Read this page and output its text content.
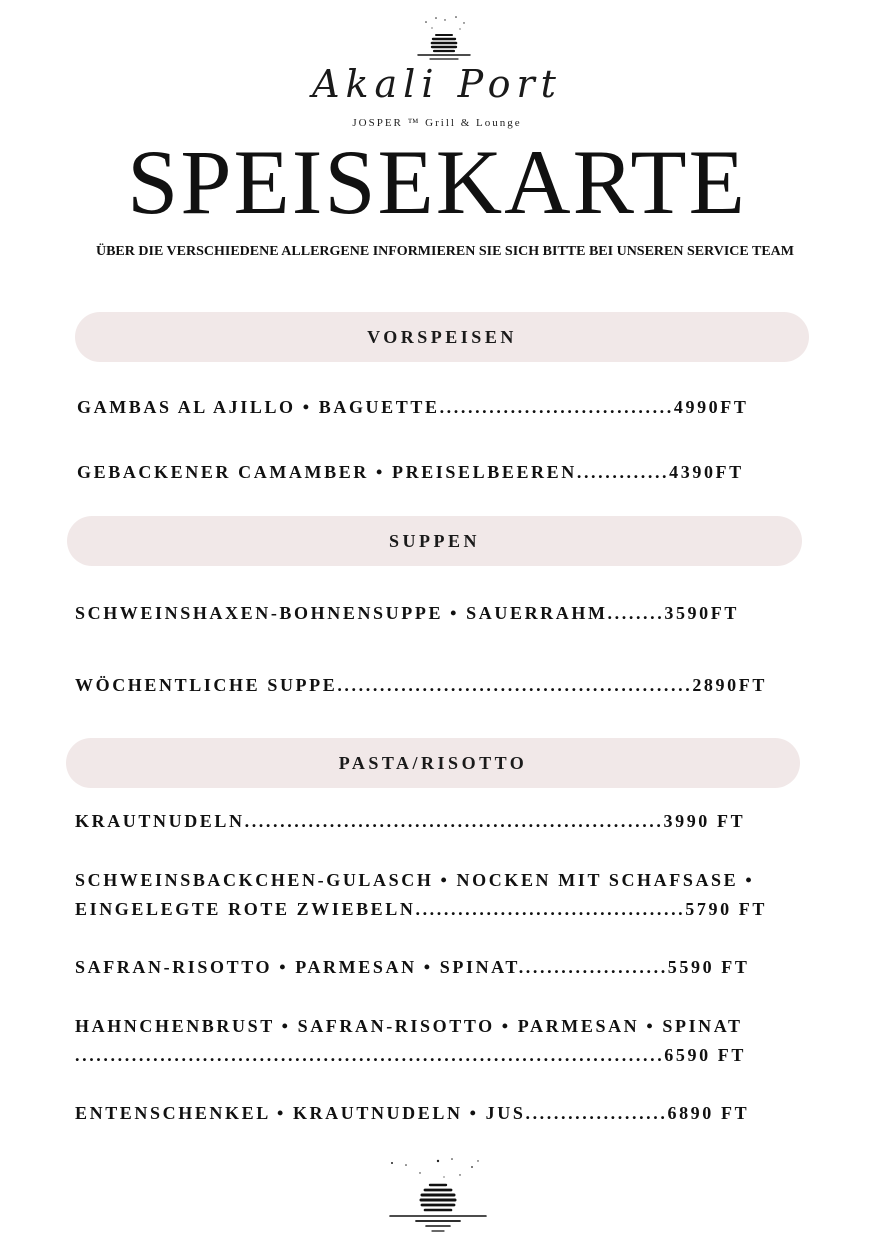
Akali Port
JOSPER ™ Grill & Lounge
SPEISEKARTE
ÜBER DIE VERSCHIEDENE ALLERGENE INFORMIEREN SIE SICH BITTE BEI UNSEREN SERVICE TEAM
VORSPEISEN
GAMBAS AL AJILLO • BAGUETTE.................................4990FT
GEBACKENER CAMAMBER • PREISELBEEREN.............4390FT
SUPPEN
SCHWEINSHAXEN-BOHNENSUPPE • SAUERRAHM........3590FT
WÖCHENTLICHE SUPPE..................................................2890FT
PASTA/RISOTTO
KRAUTNUDELN...........................................................3990 FT
SCHWEINSBACKCHEN-GULASCH • NOCKEN MIT SCHAFSASE •
EINGELEGTE ROTE ZWIEBELN......................................5790 FT
SAFRAN-RISOTTO • PARMESAN • SPINAT.....................5590 FT
HAHNCHENBRUST • SAFRAN-RISOTTO • PARMESAN • SPINAT
...................................................................................6590 FT
ENTENSCHENKEL • KRAUTNUDELN • JUS....................6890 FT
